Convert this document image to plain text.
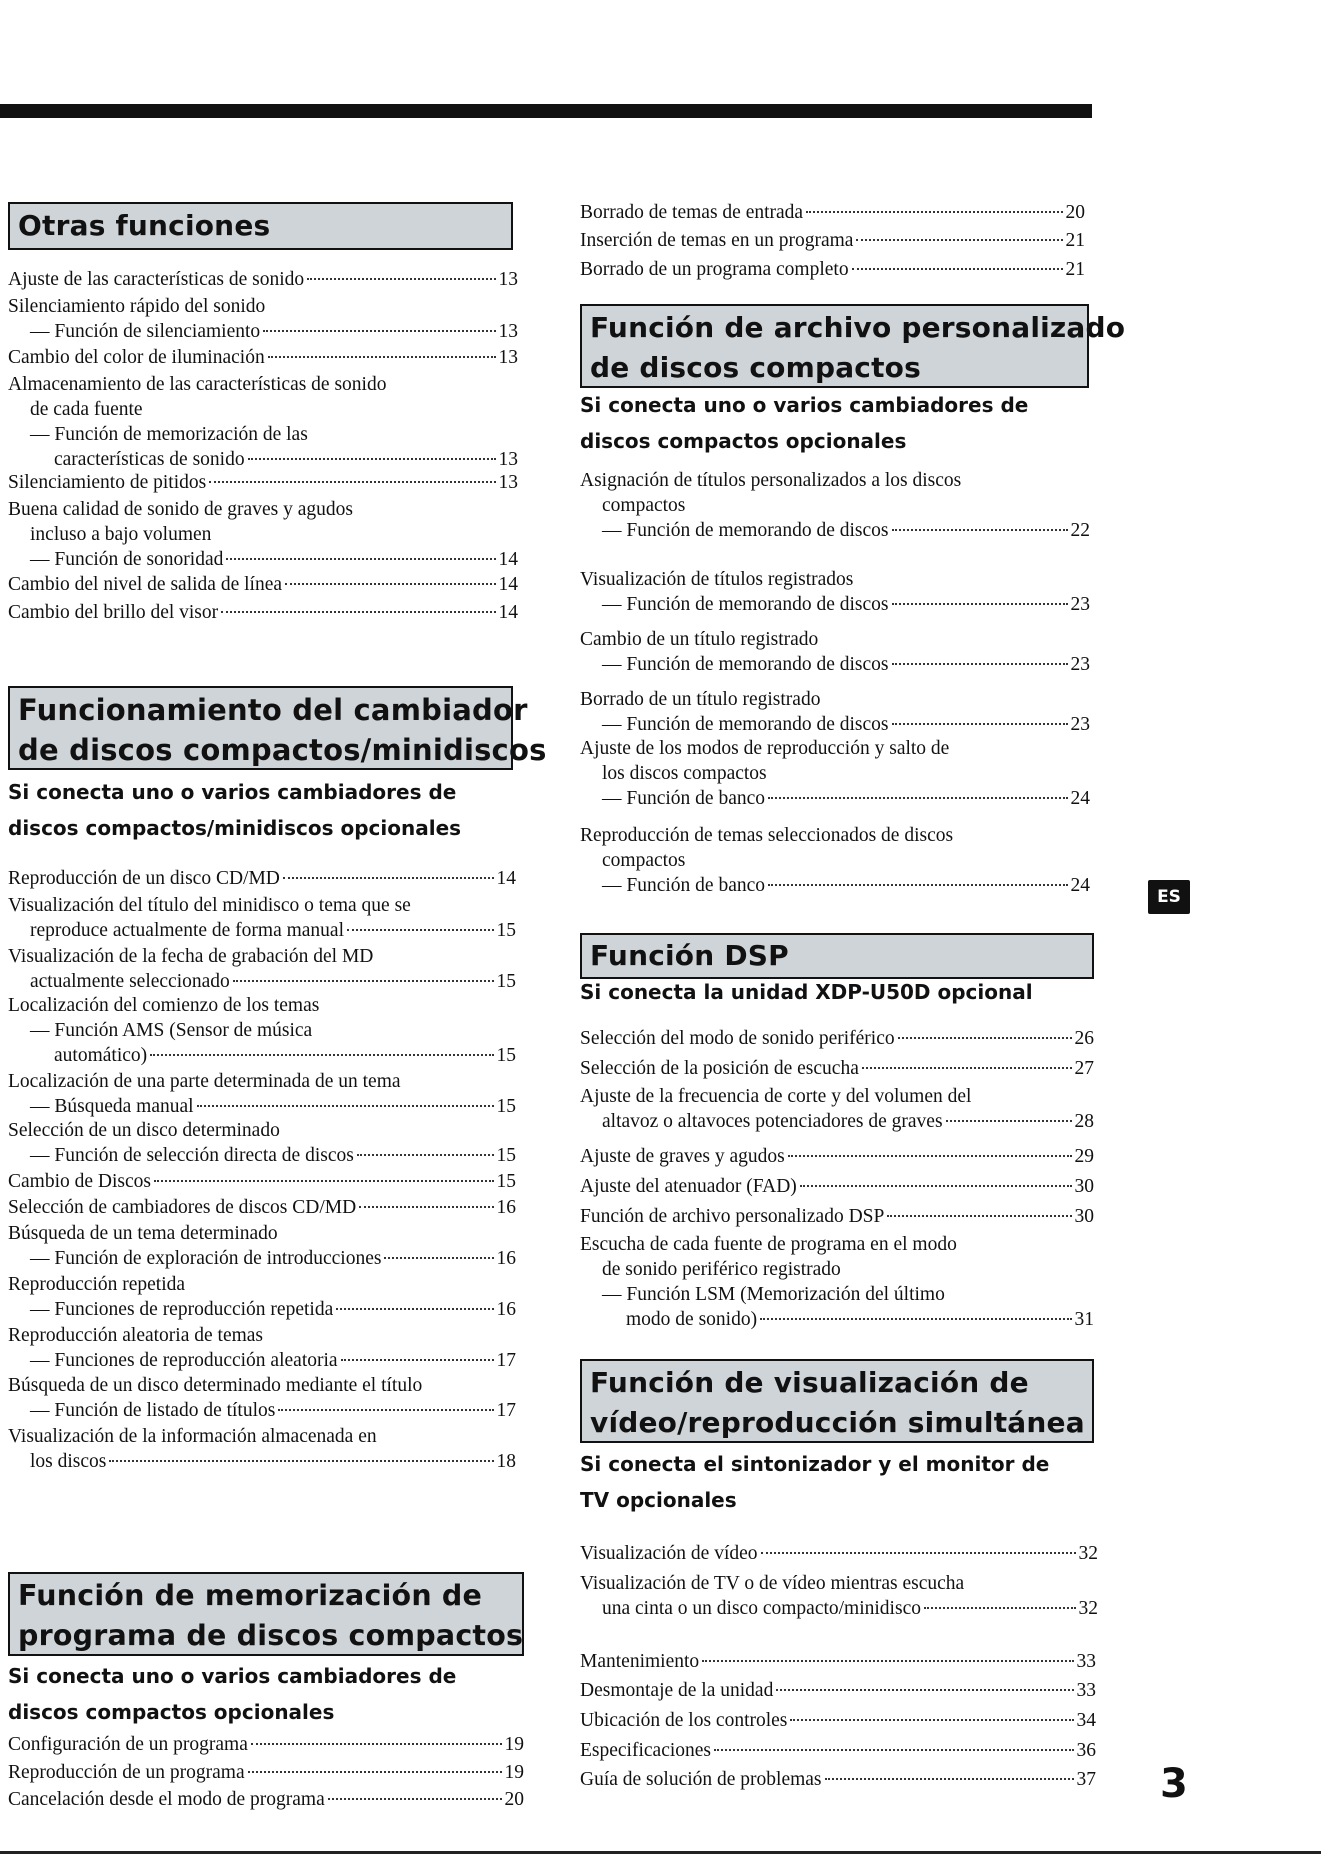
Otras funciones
Funcionamiento del cambiador
de discos compactos/minidiscos
Si conecta uno o varios cambiadores de
discos compactos/minidiscos opcionales
Función de memorización de
programa de discos compactos
Si conecta uno o varios cambiadores de
discos compactos opcionales
Ajuste de las características de sonido	13
Silenciamiento rápido del sonido
— Función de silenciamiento	13
Cambio del color de iluminación	13
Almacenamiento de las características de sonido
de cada fuente
— Función de memorización de las
características de sonido	13
Silenciamiento de pitidos	13
Buena calidad de sonido de graves y agudos
incluso a bajo volumen
— Función de sonoridad	14
Cambio del nivel de salida de línea	14
Cambio del brillo del visor	14
Reproducción de un disco CD/MD	14
Visualización del título del minidisco o tema que se
reproduce actualmente de forma manual	15
Visualización de la fecha de grabación del MD
actualmente seleccionado	15
Localización del comienzo de los temas
— Función AMS (Sensor de música
automático)	15
Localización de una parte determinada de un tema
— Búsqueda manual	15
Selección de un disco determinado
— Función de selección directa de discos	15
Cambio de Discos	15
Selección de cambiadores de discos CD/MD	16
Búsqueda de un tema determinado
— Función de exploración de introducciones	16
Reproducción repetida
— Funciones de reproducción repetida	16
Reproducción aleatoria de temas
— Funciones de reproducción aleatoria	17
Búsqueda de un disco determinado mediante el título
— Función de listado de títulos	17
Visualización de la información almacenada en
los discos	18
Configuración de un programa	19
Reproducción de un programa	19
Cancelación desde el modo de programa	20
Función de archivo personalizado
de discos compactos
Si conecta uno o varios cambiadores de
discos compactos opcionales
Función DSP
Si conecta la unidad XDP-U50D opcional
Función de visualización de
vídeo/reproducción simultánea
Si conecta el sintonizador y el monitor de
TV opcionales
Borrado de temas de entrada	20
Inserción de temas en un programa	21
Borrado de un programa completo	21
Asignación de títulos personalizados a los discos
compactos
— Función de memorando de discos	22
Visualización de títulos registrados
— Función de memorando de discos	23
Cambio de un título registrado
— Función de memorando de discos	23
Borrado de un título registrado
— Función de memorando de discos	23
Ajuste de los modos de reproducción y salto de
los discos compactos
— Función de banco	24
Reproducción de temas seleccionados de discos
compactos
— Función de banco	24
Selección del modo de sonido periférico	26
Selección de la posición de escucha	27
Ajuste de la frecuencia de corte y del volumen del
altavoz o altavoces potenciadores de graves	28
Ajuste de graves y agudos	29
Ajuste del atenuador (FAD)	30
Función de archivo personalizado DSP	30
Escucha de cada fuente de programa en el modo
de sonido periférico registrado
— Función LSM (Memorización del último
modo de sonido)	31
Visualización de vídeo	32
Visualización de TV o de vídeo mientras escucha
una cinta o un disco compacto/minidisco	32
Mantenimiento	33
Desmontaje de la unidad	33
Ubicación de los controles	34
Especificaciones	36
Guía de solución de problemas	37
ES
3
